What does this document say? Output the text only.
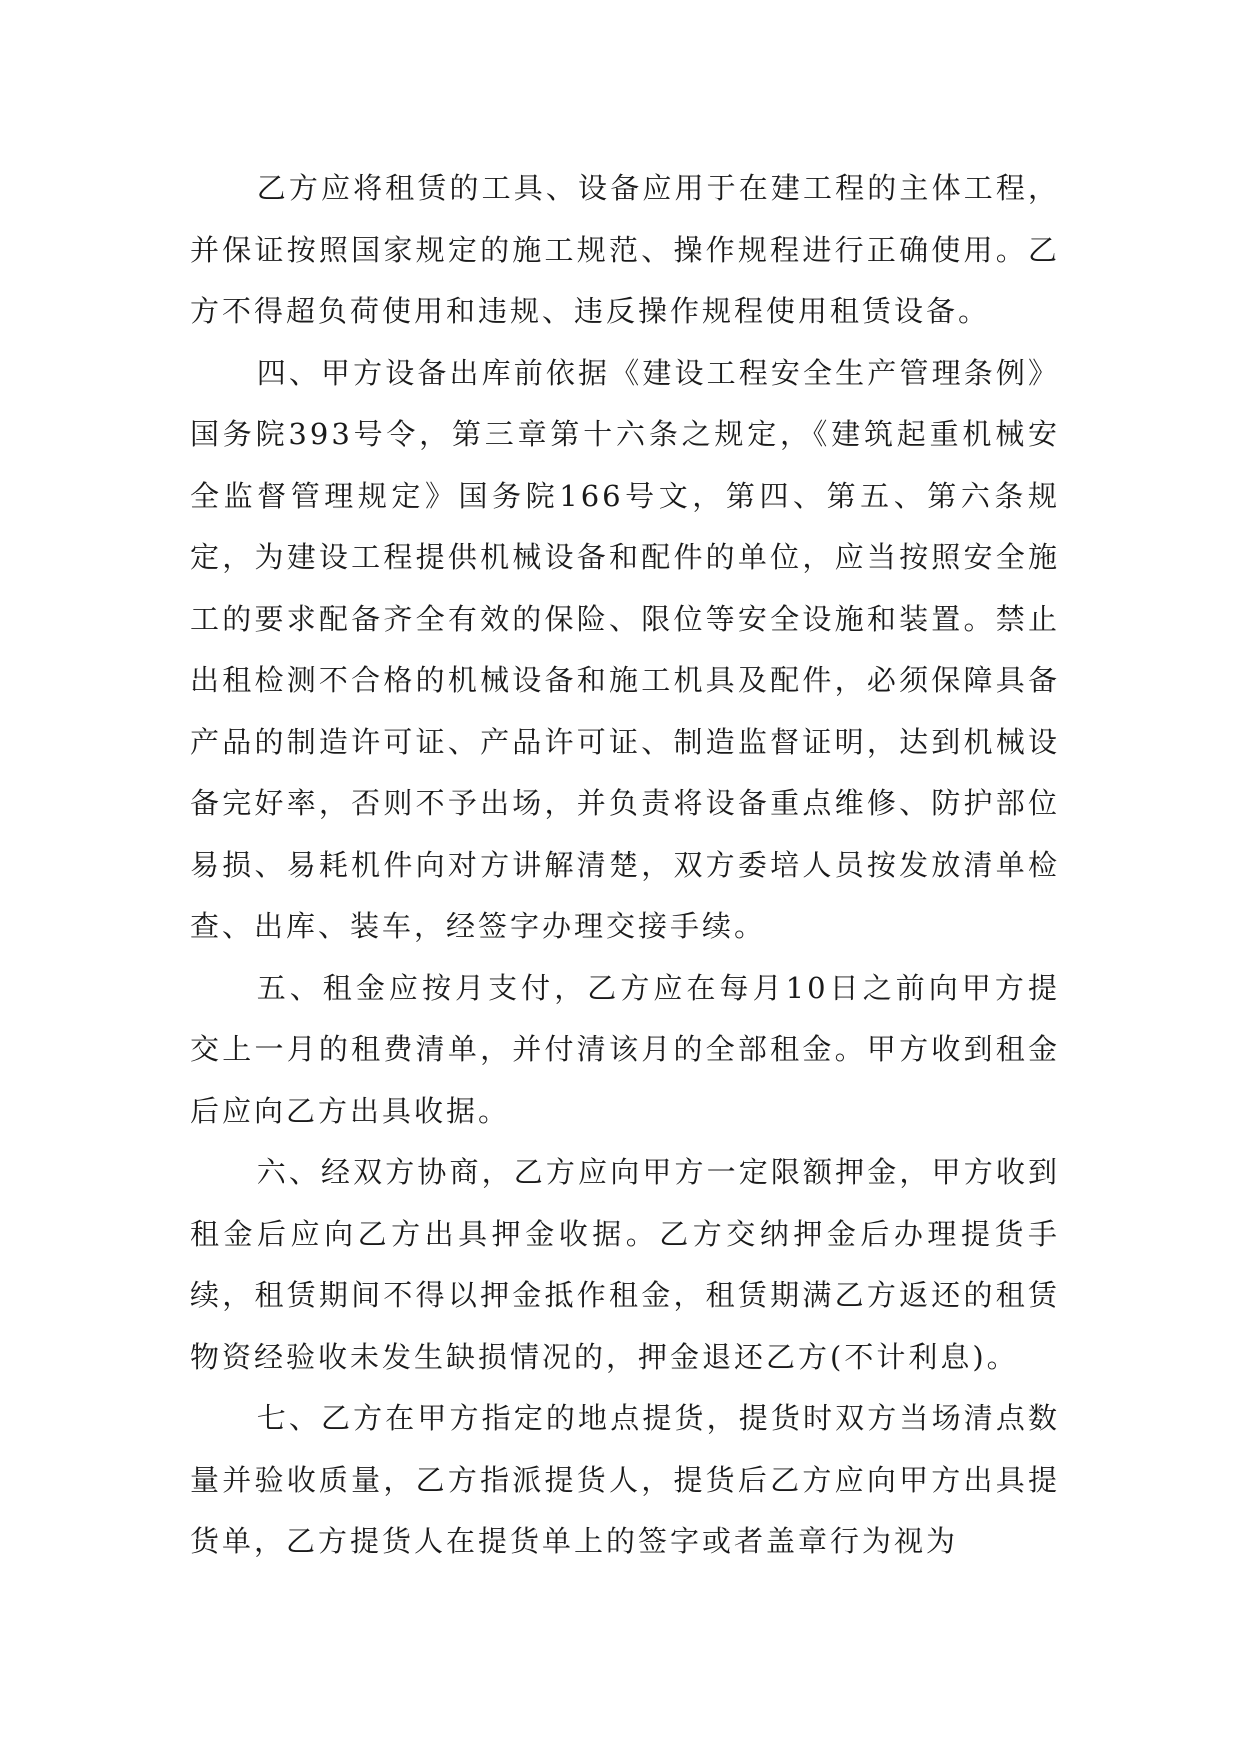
乙方应将租赁的工具、设备应用于在建工程的主体工程，并保证按照国家规定的施工规范、操作规程进行正确使用。乙方不得超负荷使用和违规、违反操作规程使用租赁设备。

四、甲方设备出库前依据《建设工程安全生产管理条例》国务院393号令，第三章第十六条之规定，《建筑起重机械安全监督管理规定》国务院166号文，第四、第五、第六条规定，为建设工程提供机械设备和配件的单位，应当按照安全施工的要求配备齐全有效的保险、限位等安全设施和装置。禁止出租检测不合格的机械设备和施工机具及配件，必须保障具备产品的制造许可证、产品许可证、制造监督证明，达到机械设备完好率，否则不予出场，并负责将设备重点维修、防护部位易损、易耗机件向对方讲解清楚，双方委培人员按发放清单检查、出库、装车，经签字办理交接手续。

五、租金应按月支付，乙方应在每月10日之前向甲方提交上一月的租费清单，并付清该月的全部租金。甲方收到租金后应向乙方出具收据。

六、经双方协商，乙方应向甲方一定限额押金，甲方收到租金后应向乙方出具押金收据。乙方交纳押金后办理提货手续，租赁期间不得以押金抵作租金，租赁期满乙方返还的租赁物资经验收未发生缺损情况的，押金退还乙方(不计利息)。

七、乙方在甲方指定的地点提货，提货时双方当场清点数量并验收质量，乙方指派提货人，提货后乙方应向甲方出具提货单，乙方提货人在提货单上的签字或者盖章行为视为
